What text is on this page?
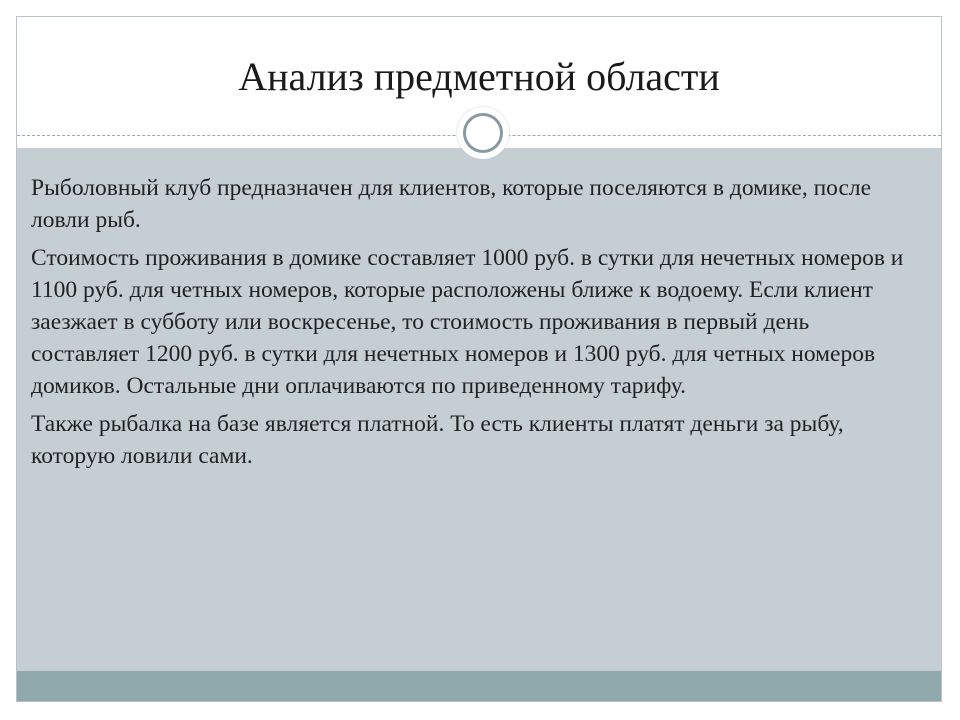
Анализ предметной области

Рыболовный клуб предназначен для клиентов, которые поселяются в домике, после ловли рыб.

Стоимость проживания в домике составляет 1000 руб. в сутки для нечетных номеров и 1100 руб. для четных номеров, которые расположены ближе к водоему. Если клиент заезжает в субботу или воскресенье, то стоимость проживания в первый день составляет 1200 руб. в сутки для нечетных номеров и 1300 руб. для четных номеров домиков. Остальные дни оплачиваются по приведенному тарифу.

Также рыбалка на базе является платной. То есть клиенты платят деньги за рыбу, которую ловили сами.
